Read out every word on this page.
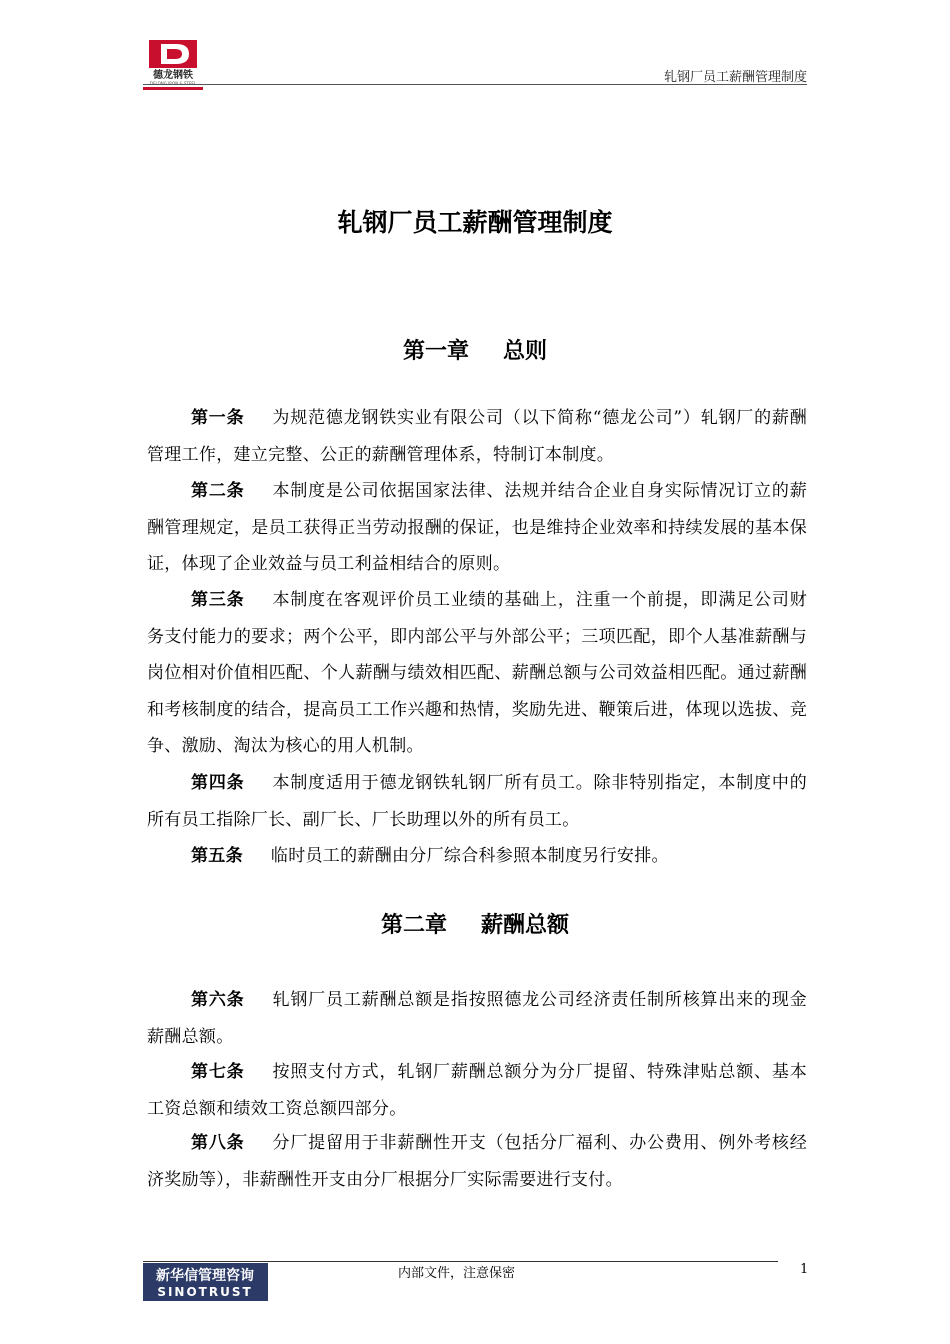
德龙钢铁
DELONG IRON & STEEL	轧钢厂员工薪酬管理制度
轧钢厂员工薪酬管理制度
第一章 总则
第一条 为规范德龙钢铁实业有限公司（以下简称“德龙公司”）轧钢厂的薪酬管理工作，建立完整、公正的薪酬管理体系，特制订本制度。
第二条 本制度是公司依据国家法律、法规并结合企业自身实际情况订立的薪酬管理规定，是员工获得正当劳动报酬的保证，也是维持企业效率和持续发展的基本保证，体现了企业效益与员工利益相结合的原则。
第三条 本制度在客观评价员工业绩的基础上，注重一个前提，即满足公司财务支付能力的要求；两个公平，即内部公平与外部公平；三项匹配，即个人基准薪酬与岗位相对价值相匹配、个人薪酬与绩效相匹配、薪酬总额与公司效益相匹配。通过薪酬和考核制度的结合，提高员工工作兴趣和热情，奖励先进、鞭策后进，体现以选拔、竞争、激励、淘汰为核心的用人机制。
第四条 本制度适用于德龙钢铁轧钢厂所有员工。除非特别指定，本制度中的所有员工指除厂长、副厂长、厂长助理以外的所有员工。
第五条 临时员工的薪酬由分厂综合科参照本制度另行安排。
第二章 薪酬总额
第六条 轧钢厂员工薪酬总额是指按照德龙公司经济责任制所核算出来的现金薪酬总额。
第七条 按照支付方式，轧钢厂薪酬总额分为分厂提留、特殊津贴总额、基本工资总额和绩效工资总额四部分。
第八条 分厂提留用于非薪酬性开支（包括分厂福利、办公费用、例外考核经济奖励等），非薪酬性开支由分厂根据分厂实际需要进行支付。
新华信管理咨询
SINOTRUST
内部文件，注意保密	1
